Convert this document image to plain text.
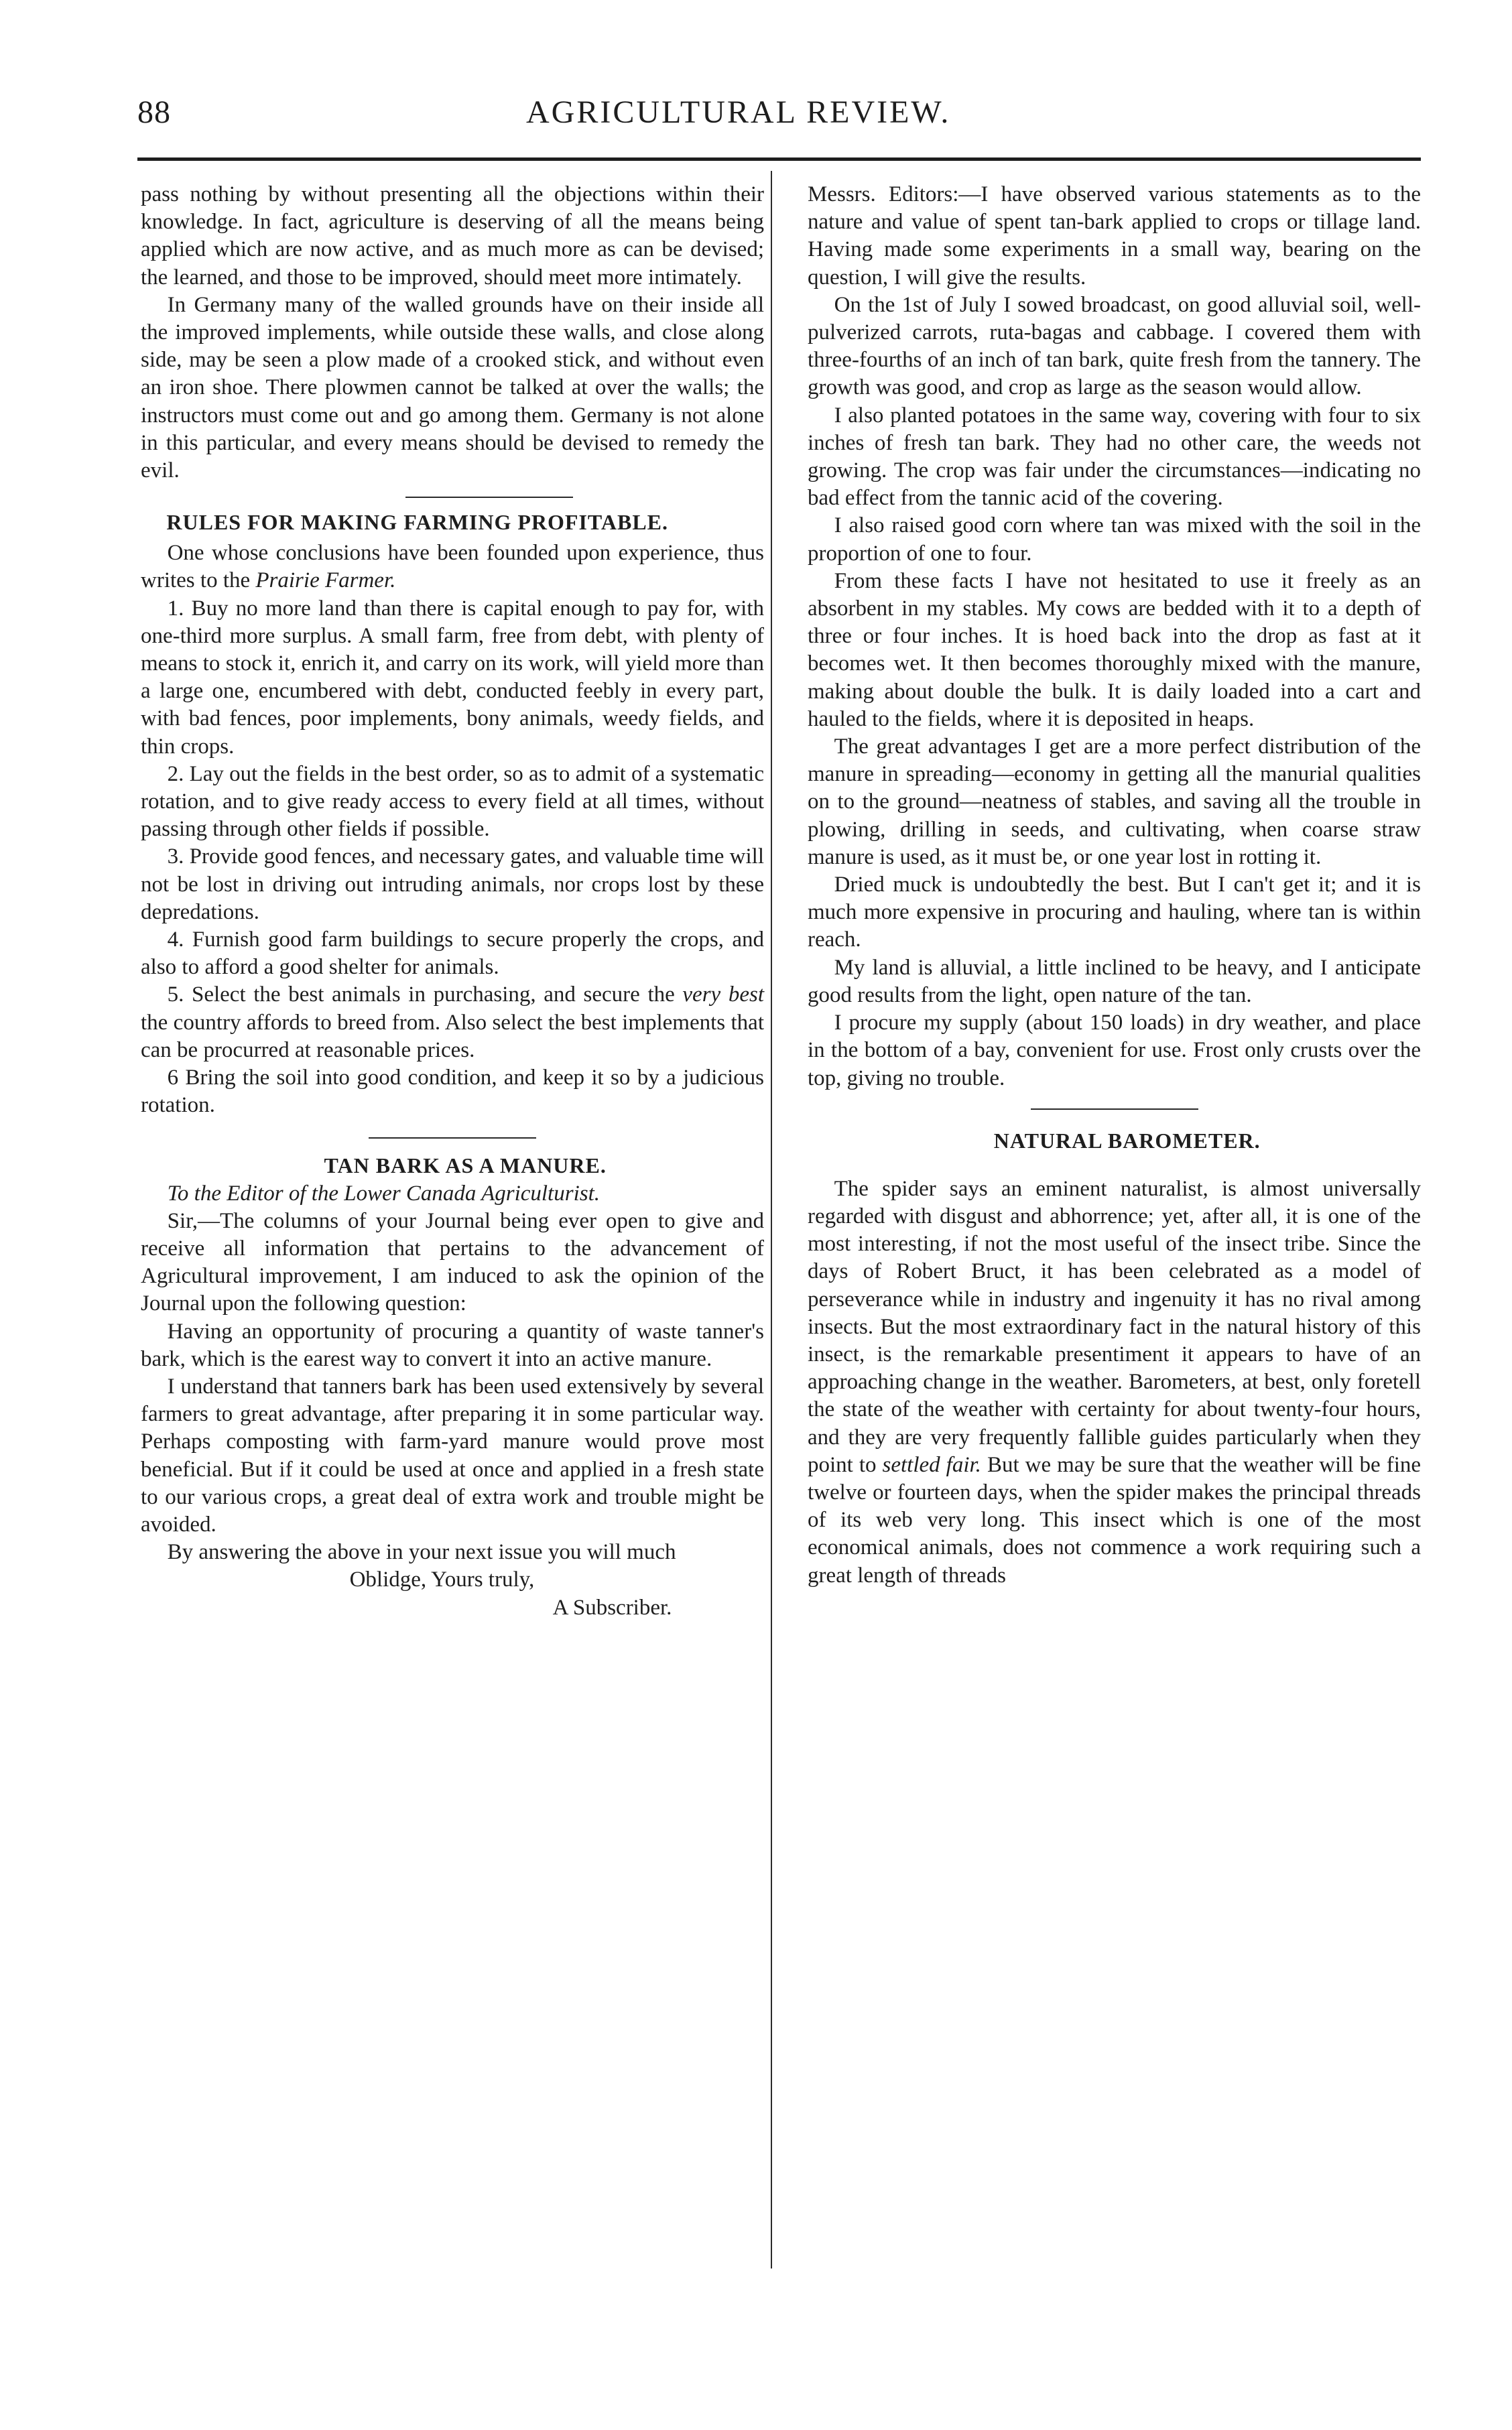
88	AGRICULTURAL REVIEW.

pass nothing by without presenting all the objections within their knowledge. In fact, agriculture is deserving of all the means being applied which are now active, and as much more as can be devised; the learned, and those to be improved, should meet more intimately.

In Germany many of the walled grounds have on their inside all the improved implements, while outside these walls, and close along side, may be seen a plow made of a crooked stick, and without even an iron shoe. There plowmen cannot be talked at over the walls; the instructors must come out and go among them. Germany is not alone in this particular, and every means should be devised to remedy the evil.

RULES FOR MAKING FARMING PROFITABLE.

One whose conclusions have been founded upon experience, thus writes to the Prairie Farmer.

1. Buy no more land than there is capital enough to pay for, with one-third more surplus. A small farm, free from debt, with plenty of means to stock it, enrich it, and carry on its work, will yield more than a large one, encumbered with debt, conducted feebly in every part, with bad fences, poor implements, bony animals, weedy fields, and thin crops.

2. Lay out the fields in the best order, so as to admit of a systematic rotation, and to give ready access to every field at all times, without passing through other fields if possible.

3. Provide good fences, and necessary gates, and valuable time will not be lost in driving out intruding animals, nor crops lost by these depredations.

4. Furnish good farm buildings to secure properly the crops, and also to afford a good shelter for animals.

5. Select the best animals in purchasing, and secure the very best the country affords to breed from. Also select the best implements that can be procurred at reasonable prices.

6 Bring the soil into good condition, and keep it so by a judicious rotation.

TAN BARK AS A MANURE.

To the Editor of the Lower Canada Agriculturist.

Sir,—The columns of your Journal being ever open to give and receive all information that pertains to the advancement of Agricultural improvement, I am induced to ask the opinion of the Journal upon the following question:

Having an opportunity of procuring a quantity of waste tanner's bark, which is the earest way to convert it into an active manure.

I understand that tanners bark has been used extensively by several farmers to great advantage, after preparing it in some particular way. Perhaps composting with farm-yard manure would prove most beneficial. But if it could be used at once and applied in a fresh state to our various crops, a great deal of extra work and trouble might be avoided.

By answering the above in your next issue you will much

Oblidge, Yours truly,

A Subscriber.

Messrs. Editors:—I have observed various statements as to the nature and value of spent tan-bark applied to crops or tillage land. Having made some experiments in a small way, bearing on the question, I will give the results.

On the 1st of July I sowed broadcast, on good alluvial soil, well-pulverized carrots, ruta-bagas and cabbage. I covered them with three-fourths of an inch of tan bark, quite fresh from the tannery. The growth was good, and crop as large as the season would allow.

I also planted potatoes in the same way, covering with four to six inches of fresh tan bark. They had no other care, the weeds not growing. The crop was fair under the circumstances—indicating no bad effect from the tannic acid of the covering.

I also raised good corn where tan was mixed with the soil in the proportion of one to four.

From these facts I have not hesitated to use it freely as an absorbent in my stables. My cows are bedded with it to a depth of three or four inches. It is hoed back into the drop as fast at it becomes wet. It then becomes thoroughly mixed with the manure, making about double the bulk. It is daily loaded into a cart and hauled to the fields, where it is deposited in heaps.

The great advantages I get are a more perfect distribution of the manure in spreading—economy in getting all the manurial qualities on to the ground—neatness of stables, and saving all the trouble in plowing, drilling in seeds, and cultivating, when coarse straw manure is used, as it must be, or one year lost in rotting it.

Dried muck is undoubtedly the best. But I can't get it; and it is much more expensive in procuring and hauling, where tan is within reach.

My land is alluvial, a little inclined to be heavy, and I anticipate good results from the light, open nature of the tan.

I procure my supply (about 150 loads) in dry weather, and place in the bottom of a bay, convenient for use. Frost only crusts over the top, giving no trouble.

NATURAL BAROMETER.

The spider says an eminent naturalist, is almost universally regarded with disgust and abhorrence; yet, after all, it is one of the most interesting, if not the most useful of the insect tribe. Since the days of Robert Bruct, it has been celebrated as a model of perseverance while in industry and ingenuity it has no rival among insects. But the most extraordinary fact in the natural history of this insect, is the remarkable presentiment it appears to have of an approaching change in the weather. Barometers, at best, only foretell the state of the weather with certainty for about twenty-four hours, and they are very frequently fallible guides particularly when they point to settled fair. But we may be sure that the weather will be fine twelve or fourteen days, when the spider makes the principal threads of its web very long. This insect which is one of the most economical animals, does not commence a work requiring such a great length of threads
